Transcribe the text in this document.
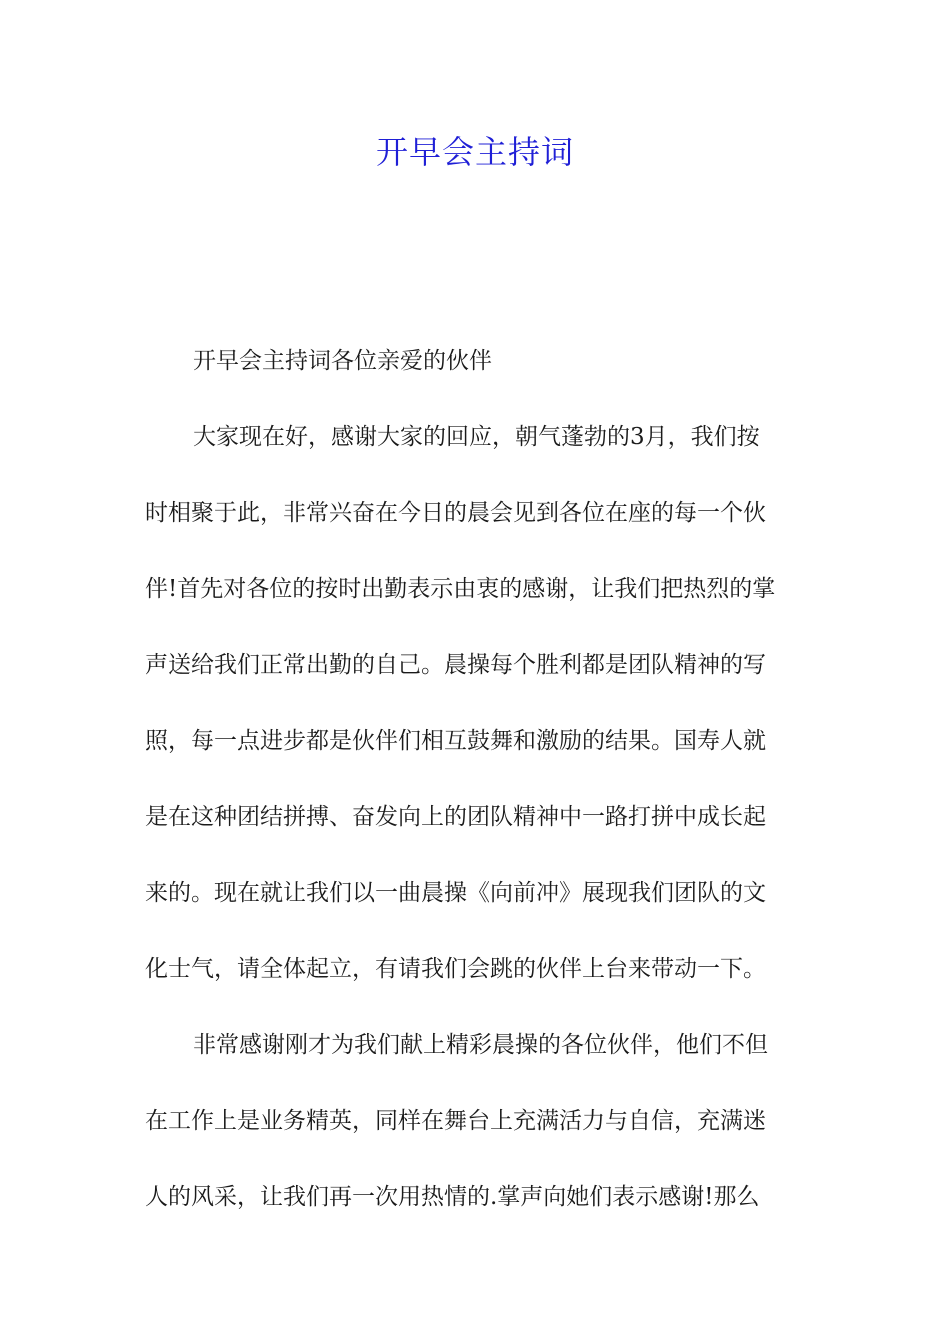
开早会主持词
开早会主持词各位亲爱的伙伴
大家现在好，感谢大家的回应，朝气蓬勃的3月，我们按
时相聚于此，非常兴奋在今日的晨会见到各位在座的每一个伙
伴!首先对各位的按时出勤表示由衷的感谢，让我们把热烈的掌
声送给我们正常出勤的自己。晨操每个胜利都是团队精神的写
照，每一点进步都是伙伴们相互鼓舞和激励的结果。国寿人就
是在这种团结拼搏、奋发向上的团队精神中一路打拼中成长起
来的。现在就让我们以一曲晨操《向前冲》展现我们团队的文
化士气，请全体起立，有请我们会跳的伙伴上台来带动一下。
非常感谢刚才为我们献上精彩晨操的各位伙伴，他们不但
在工作上是业务精英，同样在舞台上充满活力与自信，充满迷
人的风采，让我们再一次用热情的.掌声向她们表示感谢!那么
